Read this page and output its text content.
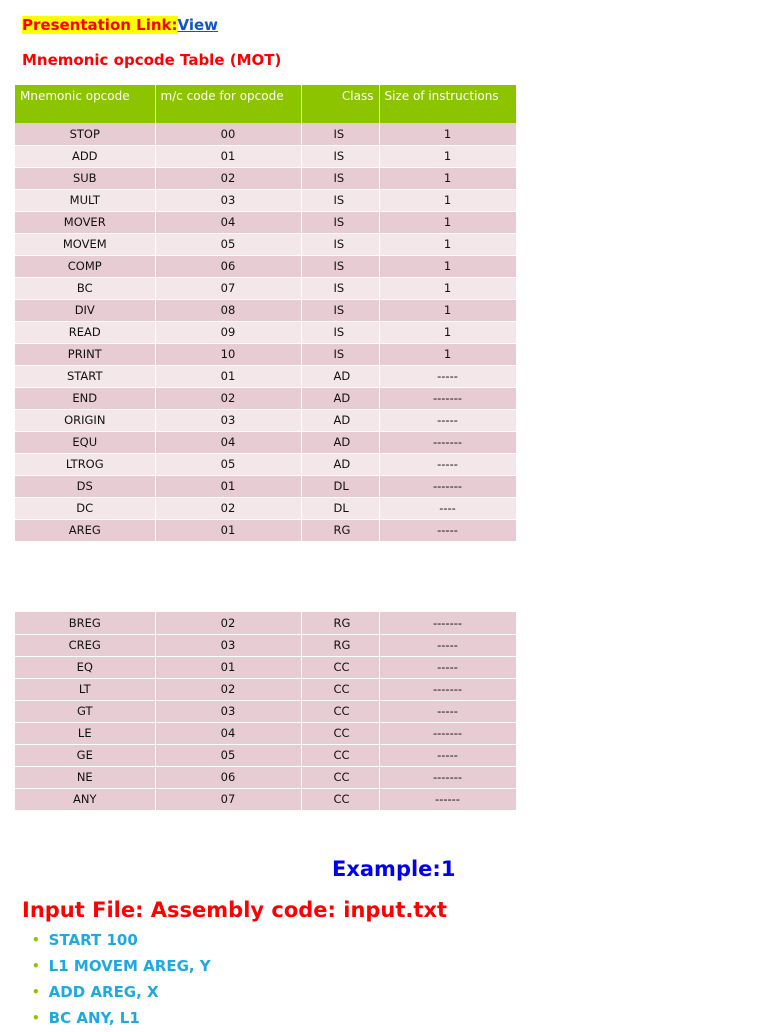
Presentation Link:View
Mnemonic opcode Table (MOT)
Mnemonic opcode	m/c code for opcode	Class	Size of instructions
STOP	00	IS	1
ADD	01	IS	1
SUB	02	IS	1
MULT	03	IS	1
MOVER	04	IS	1
MOVEM	05	IS	1
COMP	06	IS	1
BC	07	IS	1
DIV	08	IS	1
READ	09	IS	1
PRINT	10	IS	1
START	01	AD	-----
END	02	AD	-------
ORIGIN	03	AD	-----
EQU	04	AD	-------
LTROG	05	AD	-----
DS	01	DL	-------
DC	02	DL	----
AREG	01	RG	-----
BREG	02	RG	-------
CREG	03	RG	-----
EQ	01	CC	-----
LT	02	CC	-------
GT	03	CC	-----
LE	04	CC	-------
GE	05	CC	-----
NE	06	CC	-------
ANY	07	CC	------
Example:1
Input File: Assembly code: input.txt
• START 100
• L1 MOVEM AREG, Y
• ADD AREG, X
• BC ANY, L1
